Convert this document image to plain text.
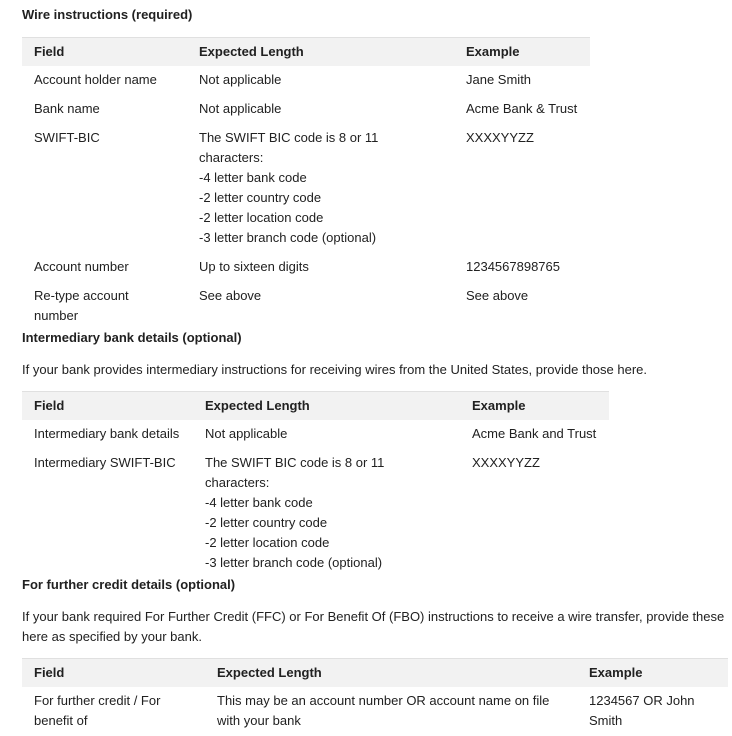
Wire instructions (required)
Field	Expected Length	Example
Account holder name	Not applicable	Jane Smith
Bank name	Not applicable	Acme Bank & Trust
SWIFT-BIC	The SWIFT BIC code is 8 or 11 characters:
-4 letter bank code
-2 letter country code
-2 letter location code
-3 letter branch code (optional)	XXXXYYZZ
Account number	Up to sixteen digits	1234567898765
Re-type account number	See above	See above
Intermediary bank details (optional)

If your bank provides intermediary instructions for receiving wires from the United States, provide those here.

Field	Expected Length	Example
Intermediary bank details	Not applicable	Acme Bank and Trust
Intermediary SWIFT-BIC	The SWIFT BIC code is 8 or 11 characters:
-4 letter bank code
-2 letter country code
-2 letter location code
-3 letter branch code (optional)	XXXXYYZZ
For further credit details (optional)

If your bank required For Further Credit (FFC) or For Benefit Of (FBO) instructions to receive a wire transfer, provide these here as specified by your bank.

Field	Expected Length	Example
For further credit / For benefit of	This may be an account number OR account name on file with your bank	1234567 OR John Smith
